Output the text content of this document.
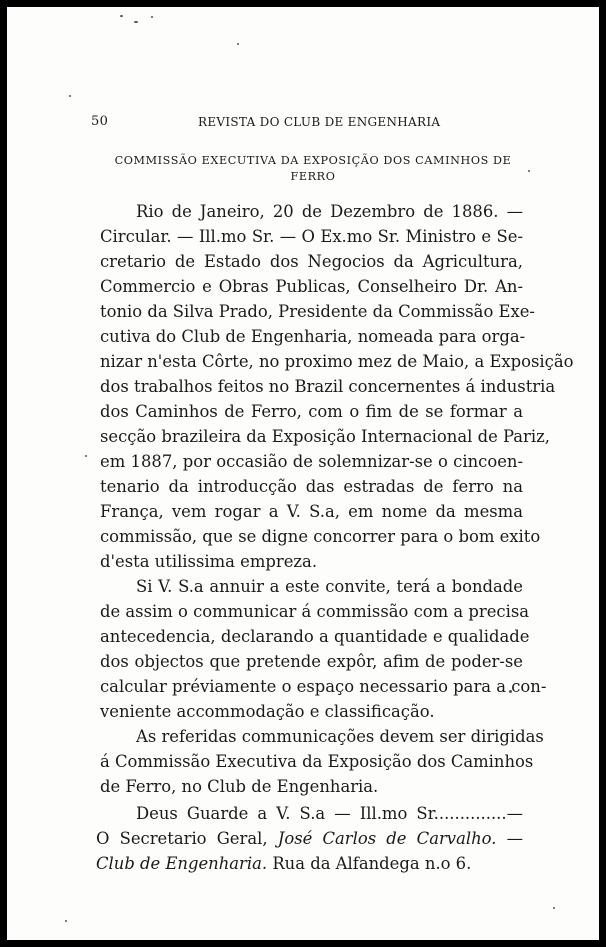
50	REVISTA DO CLUB DE ENGENHARIA
COMMISSÃO EXECUTIVA DA EXPOSIÇÃO DOS CAMINHOS DE
FERRO
Rio de Janeiro, 20 de Dezembro de 1886. —
Circular. — Ill.mo Sr. — O Ex.mo Sr. Ministro e Se-
cretario de Estado dos Negocios da Agricultura,
Commercio e Obras Publicas, Conselheiro Dr. An-
tonio da Silva Prado, Presidente da Commissão Exe-
cutiva do Club de Engenharia, nomeada para orga-
nizar n'esta Côrte, no proximo mez de Maio, a Exposição
dos trabalhos feitos no Brazil concernentes á industria
dos Caminhos de Ferro, com o fim de se formar a
secção brazileira da Exposição Internacional de Pariz,
em 1887, por occasião de solemnizar-se o cincoen-
tenario da introducção das estradas de ferro na
França, vem rogar a V. S.a, em nome da mesma
commissão, que se digne concorrer para o bom exito
d'esta utilissima empreza.
Si V. S.a annuir a este convite, terá a bondade
de assim o communicar á commissão com a precisa
antecedencia, declarando a quantidade e qualidade
dos objectos que pretende expôr, afim de poder-se
calcular préviamente o espaço necessario para a con-
veniente accommodação e classificação.
As referidas communicações devem ser dirigidas
á Commissão Executiva da Exposição dos Caminhos
de Ferro, no Club de Engenharia.
Deus Guarde a V. S.a — Ill.mo Sr..............—
O Secretario Geral, José Carlos de Carvalho. —
Club de Engenharia. Rua da Alfandega n.o 6.
